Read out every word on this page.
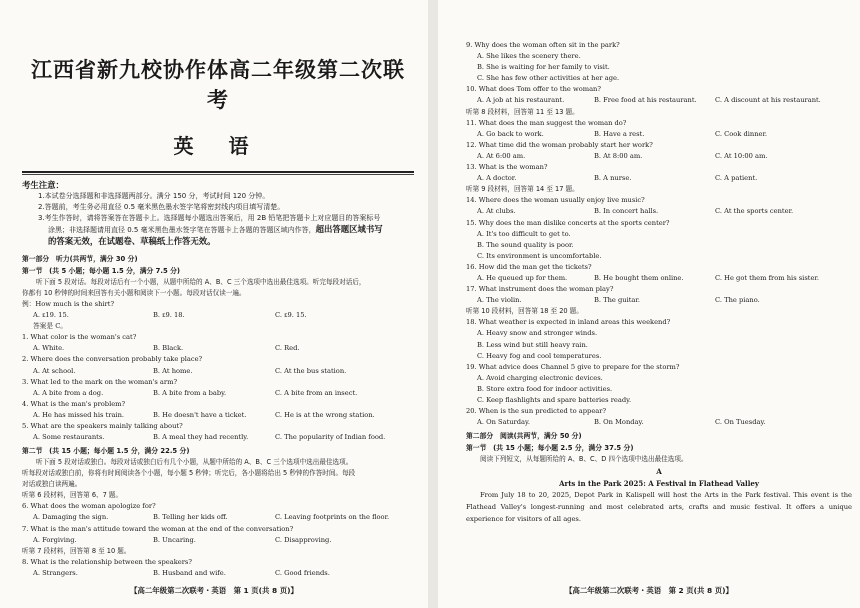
江西省新九校协作体高二年级第二次联考
英 语
考生注意：
1.本试卷分选择题和非选择题两部分。满分 150 分，考试时间 120 分钟。
2.答题前，考生务必用直径 0.5 毫米黑色墨水签字笔将密封线内项目填写清楚。
3.考生作答时，请将答案答在答题卡上。选择题每小题选出答案后，用 2B 铅笔把答题卡上对应题目的答案标号
涂黑；非选择题请用直径 0.5 毫米黑色墨水签字笔在答题卡上各题的答题区域内作答，超出答题区域书写
的答案无效，在试题卷、草稿纸上作答无效。
第一部分　听力(共两节，满分 30 分)
第一节　(共 5 小题；每小题 1.5 分，满分 7.5 分)
听下面 5 段对话。每段对话后有一个小题，从题中所给的 A、B、C 三个选项中选出最佳选项。听完每段对话后，
你都有 10 秒钟的时间来回答有关小题和阅读下一小题。每段对话仅读一遍。
例：How much is the shirt?
A. ₤19. 15.	B. ₤9. 18.	C. ₤9. 15.
答案是 C。
1. What color is the woman's cat?
A. White.	B. Black.	C. Red.
2. Where does the conversation probably take place?
A. At school.	B. At home.	C. At the bus station.
3. What led to the mark on the woman's arm?
A. A bite from a dog.	B. A bite from a baby.	C. A bite from an insect.
4. What is the man's problem?
A. He has missed his train.	B. He doesn't have a ticket.	C. He is at the wrong station.
5. What are the speakers mainly talking about?
A. Some restaurants.	B. A meal they had recently.	C. The popularity of Indian food.
第二节　(共 15 小题；每小题 1.5 分，满分 22.5 分)
听下面 5 段对话或独白。每段对话或独白后有几个小题，从题中所给的 A、B、C 三个选项中选出最佳选项。
听每段对话或独白前，你将有时间阅读各个小题，每小题 5 秒钟；听完后，各小题将给出 5 秒钟的作答时间。每段
对话或独白读两遍。
听第 6 段材料，回答第 6、7 题。
6. What does the woman apologize for?
A. Damaging the sign.	B. Telling her kids off.	C. Leaving footprints on the floor.
7. What is the man's attitude toward the woman at the end of the conversation?
A. Forgiving.	B. Uncaring.	C. Disapproving.
听第 7 段材料，回答第 8 至 10 题。
8. What is the relationship between the speakers?
A. Strangers.	B. Husband and wife.	C. Good friends.
【高二年级第二次联考・英语　第 1 页(共 8 页)】
9. Why does the woman often sit in the park?
A. She likes the scenery there.
B. She is waiting for her family to visit.
C. She has few other activities at her age.
10. What does Tom offer to the woman?
A. A job at his restaurant.	B. Free food at his restaurant.	C. A discount at his restaurant.
听第 8 段材料，回答第 11 至 13 题。
11. What does the man suggest the woman do?
A. Go back to work.	B. Have a rest.	C. Cook dinner.
12. What time did the woman probably start her work?
A. At 6:00 am.	B. At 8:00 am.	C. At 10:00 am.
13. What is the woman?
A. A doctor.	B. A nurse.	C. A patient.
听第 9 段材料，回答第 14 至 17 题。
14. Where does the woman usually enjoy live music?
A. At clubs.	B. In concert halls.	C. At the sports center.
15. Why does the man dislike concerts at the sports center?
A. It's too difficult to get to.
B. The sound quality is poor.
C. Its environment is uncomfortable.
16. How did the man get the tickets?
A. He queued up for them.	B. He bought them online.	C. He got them from his sister.
17. What instrument does the woman play?
A. The violin.	B. The guitar.	C. The piano.
听第 10 段材料，回答第 18 至 20 题。
18. What weather is expected in inland areas this weekend?
A. Heavy snow and stronger winds.
B. Less wind but still heavy rain.
C. Heavy fog and cool temperatures.
19. What advice does Channel 5 give to prepare for the storm?
A. Avoid charging electronic devices.
B. Store extra food for indoor activities.
C. Keep flashlights and spare batteries ready.
20. When is the sun predicted to appear?
A. On Saturday.	B. On Monday.	C. On Tuesday.
第二部分　阅读(共两节，满分 50 分)
第一节　(共 15 小题；每小题 2.5 分，满分 37.5 分)
阅读下列短文，从每题所给的 A、B、C、D 四个选项中选出最佳选项。
A
Arts in the Park 2025: A Festival in Flathead Valley
From July 18 to 20, 2025, Depot Park in Kalispell will host the Arts in the Park festival. This event is the Flathead Valley's longest-running and most celebrated arts, crafts and music festival. It offers a unique experience for visitors of all ages.
【高二年级第二次联考・英语　第 2 页(共 8 页)】
